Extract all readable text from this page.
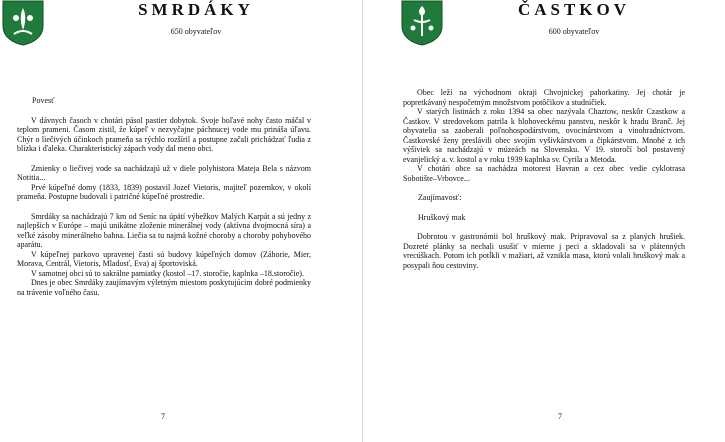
SMRDÁKY
650 obyvateľov

Povesť

V dávnych časoch v chotári pásol pastier dobytok. Svoje boľavé nohy často máčal v teplom prameni. Časom zistil, že kúpeľ v nezvyčajne páchnucej vode mu prináša úľavu. Chýr o liečivých účinkoch prameňa sa rýchlo rozšíril a postupne začali prichádzať ľudia z blízka i ďaleka. Charakteristický zápach vody dal meno obci.

Zmienky o liečivej vode sa nachádzajú už v diele polyhistora Mateja Bela s názvom Notitia...

Prvé kúpeľné domy (1833, 1839) postavil Jozef Vietoris, majiteľ pozemkov, v okolí prameňa. Postupne budovali i patričné kúpeľné prostredie.

Smrdáky sa nachádzajú 7 km od Seníc na úpätí výbežkov Malých Karpát a sú jedny z najlepších v Európe – majú unikátne zloženie minerálnej vody (aktívna dvojmocná síra) a veľké zásoby minerálneho bahna. Liečia sa tu najmä kožné choroby a choroby pohybového aparátu.

V kúpeľnej parkovo upravenej časti sú budovy kúpeľných domov (Záhorie, Mier, Morava, Centrál, Vietoris, Mladosť, Eva) aj športoviská.

V samotnej obci sú to sakrálne pamiatky (kostol –17. storočie, kaplnka –18.storočie).

Dnes je obec Smrdáky zaujímavým výletným miestom poskytujúcim dobré podmienky na trávenie voľného času.

7
ČASTKOV
600 obyvateľov

Obec leží na východnom okraji Chvojnickej pahorkatiny. Jej chotár je popretkávaný nespočetným množstvom potôčikov a studničiek.

V starých listinách z roku 1394 sa obec nazývala Chaztow, neskôr Czastkow a Častkov. V stredovekom patrila k hlohoveckému panstvu, neskôr k hradu Branč. Jej obyvatelia sa zaoberali poľnohospodárstvom, ovocinárstvom a vinohradníctvom. Častkovské ženy preslávili obec svojím vyšívkárstvom a čipkárstvom. Mnohé z ich výšiviek sa nachádzajú v múzeách na Slovensku. V 19. storočí bol postavený evanjelický a. v. kostol a v roku 1939 kaplnka sv. Cyrila a Metoda.

V chotári obce sa nachádza motorest Havran a cez obec vedie cyklotrasa Sobotište–Vrbovce...

Zaujímavosť:

Hruškový mak

Dobrotou v gastronómii bol hruškový mak. Pripravoval sa z planých hrušiek. Dozreté plánky sa nechali usušiť v mierne j peci a skladovali sa v plátenných vrecúškach. Potom ich potĺkli v mažiari, až vznikla masa, ktorú volali hruškový mak a posypali ňou cestoviny.

7
